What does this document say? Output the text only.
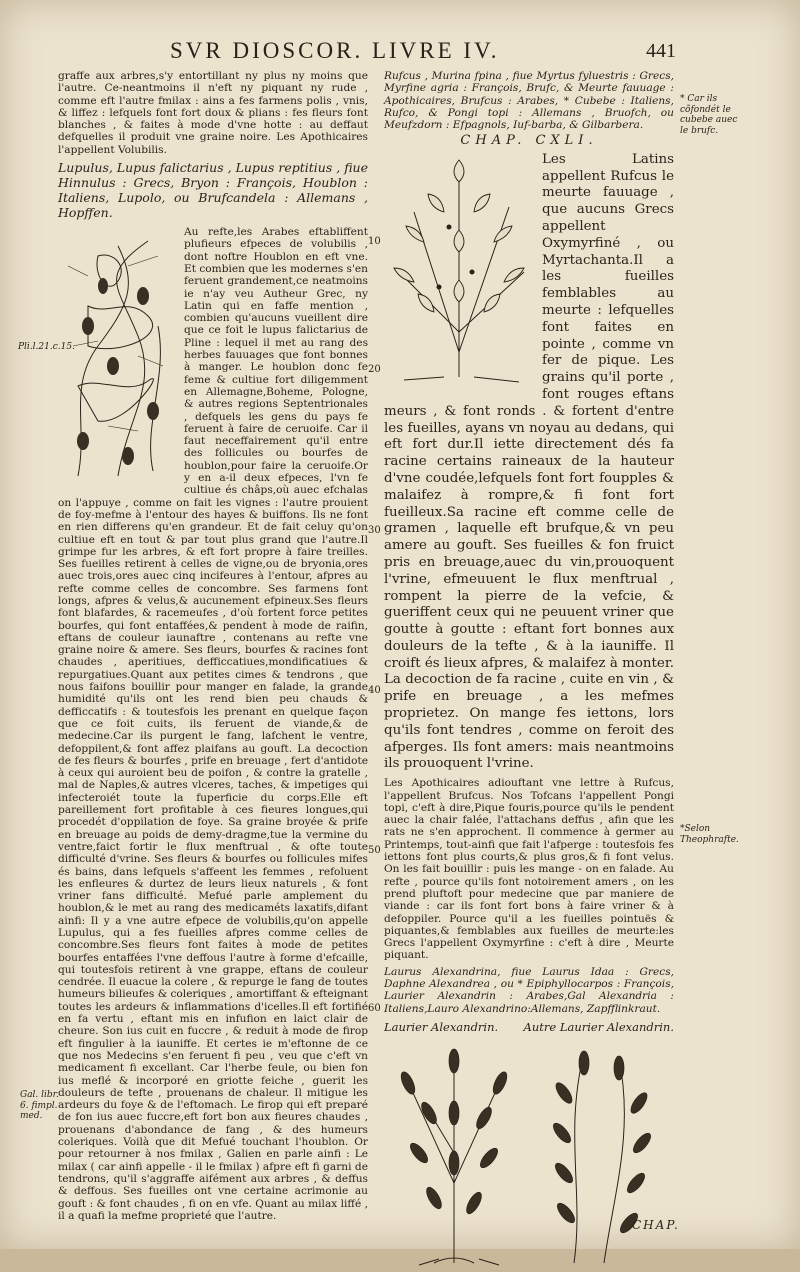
SVR DIOSCOR. LIVRE IV.	441

graffe aux arbres,s'y entortillant ny plus ny moins que l'autre. Ce-neantmoins il n'eft ny piquant ny rude , comme eft l'autre fmilax : ains a fes farmens polis , vnis, & liffez : lefquels font fort doux & plians : fes fleurs font blanches , & faites à mode d'vne hotte : au deffaut defquelles il produit vne graine noire. Les Apothicaires l'appellent Volubilis.

Lupulus, Lupus falictarius , Lupus reptitius , fiue Hinnulus : Grecs, Bryon : François, Houblon : Italiens, Lupolo, ou Brufcandela : Allemans , Hopffen.

Au refte,les Arabes eftabliffent plufieurs efpeces de volubilis , dont noftre Houblon en eft vne. Et combien que les modernes s'en feruent grandement,ce neatmoins ie n'ay veu Autheur Grec, ny Latin qui en faffe mention , combien qu'aucuns vueillent dire que ce foit le lupus falictarius de Pline : lequel il met au rang des herbes fauuages que font bonnes à manger. Le houblon donc fe feme & cultiue fort diligemment en Allemagne,Boheme, Pologne, & autres regions Septentrionales , defquels les gens du pays fe feruent à faire de ceruoife. Car il faut neceffairement qu'il entre des follicules ou bourfes de houblon,pour faire la ceruoife.Or y en a-il deux efpeces, l'vn fe cultiue és châps,où auec efchalas on l'appuye , comme on fait les vignes : l'autre prouient de foy-mefme à l'entour des hayes & buiffons. Ils ne font en rien differens qu'en grandeur. Et de fait celuy qu'on cultiue eft en tout & par tout plus grand que l'autre.Il grimpe fur les arbres, & eft fort propre à faire treilles. Ses fueilles retirent à celles de vigne,ou de bryonia,ores auec trois,ores auec cinq incifeures à l'entour, afpres au refte comme celles de concombre. Ses farmens font longs, afpres & velus,& aucunement efpineux.Ses fleurs font blafardes, & racemeufes , d'où fortent force petites bourfes, qui font entaffées,& pendent à mode de raifin, eftans de couleur iaunaftre , contenans au refte vne graine noire & amere. Ses fleurs, bourfes & racines font chaudes , aperitiues, defficcatiues,mondificatiues & repurgatiues.Quant aux petites cimes & tendrons , que nous faifons bouillir pour manger en falade, la grande humidité qu'ils ont les rend bien peu chauds & defficcatifs : & toutesfois les prenant en quelque façon que ce foit cuits, ils feruent de viande,& de medecine.Car ils purgent le fang, lafchent le ventre, defoppilent,& font affez plaifans au gouft. La decoction de fes fleurs & bourfes , prife en breuage , fert d'antidote à ceux qui auroient beu de poifon , & contre la gratelle , mal de Naples,& autres vlceres, taches, & impetiges qui infecteroiét toute la fuperficie du corps.Elle eft pareillement fort profitable à ces fieures longues,qui procedét d'oppilation de foye. Sa graine broyée & prife en breuage au poids de demy-dragme,tue la vermine du ventre,faict fortir le flux menftrual , & ofte toute difficulté d'vrine. Ses fleurs & bourfes ou follicules mifes és bains, dans lefquels s'affeent les femmes , refoluent les enfleures & durtez de leurs lieux naturels , & font vriner fans difficulté. Mefué parle amplement du houblon,& le met au rang des medicaméts laxatifs,difant ainfi: Il y a vne autre efpece de volubilis,qu'on appelle Lupulus, qui a fes fueilles afpres comme celles de concombre.Ses fleurs font faites à mode de petites bourfes entaffées l'vne deffous l'autre à forme d'efcaille, qui toutesfois retirent à vne grappe, eftans de couleur cendrée. Il euacue la colere , & repurge le fang de toutes humeurs bilieufes & coleriques , amortiffant & efteignant toutes les ardeurs & inflammations d'icelles.Il eft fortifié en fa vertu , eftant mis en infufion en laict clair de cheure. Son ius cuit en fuccre , & reduit à mode de firop eft fingulier à la iauniffe. Et certes ie m'eftonne de ce que nos Medecins s'en feruent fi peu , veu que c'eft vn medicament fi excellant. Car l'herbe feule, ou bien fon ius meflé & incorporé en griotte feiche , guerit les douleurs de tefte , prouenans de chaleur. Il mitigue les ardeurs du foye & de l'eftomach. Le firop qui eft preparé de fon ius auec fuccre,eft fort bon aux fieures chaudes , prouenans d'abondance de fang , & des humeurs coleriques. Voilà que dit Mefué touchant l'houblon. Or pour retourner à nos fmilax , Galien en parle ainfi : Le milax ( car ainfi appelle - il le fmilax ) afpre eft fi garni de tendrons, qu'il s'aggraffe aifément aux arbres , & deffus & deffous. Ses fueilles ont vne certaine acrimonie au gouft : & font chaudes , fi on en vfe. Quant au milax liffé , il a quafi la mefme proprieté que l'autre.

Rufcus , Murina fpina , fiue Myrtus fyluestris : Grecs, Myrfine agria : François, Brufc, & Meurte fauuage : Apothicaires, Brufcus : Arabes, * Cubebe : Italiens, Rufco, & Pongi topi : Allemans , Bruofch, ou Meufzdorn : Efpagnols, Iuf-barba, & Gilbarbera.

CHAP. CXLI.

Les Latins appellent Rufcus le meurte fauuage , que aucuns Grecs appellent Oxymyrfiné , ou Myrtachanta.Il a les fueilles femblables au meurte : lefquelles font faites en pointe , comme vn fer de pique. Les grains qu'il porte , font rouges eftans meurs , & font ronds . & fortent d'entre les fueilles, ayans vn noyau au dedans, qui eft fort dur.Il iette directement dés fa racine certains raineaux de la hauteur d'vne coudée,lefquels font fort foupples & malaifez à rompre,& fi font fort fueilleux.Sa racine eft comme celle de gramen , laquelle eft brufque,& vn peu amere au gouft. Ses fueilles & fon fruict pris en breuage,auec du vin,prouoquent l'vrine, efmeuuent le flux menftrual , rompent la pierre de la vefcie, & gueriffent ceux qui ne peuuent vriner que goutte à goutte : eftant fort bonnes aux douleurs de la tefte , & à la iauniffe. Il croift és lieux afpres, & malaifez à monter. La decoction de fa racine , cuite en vin , & prife en breuage , a les mefmes proprietez. On mange fes iettons, lors qu'ils font tendres , comme on feroit des afperges. Ils font amers: mais neantmoins ils prouoquent l'vrine.

Les Apothicaires adiouftant vne lettre à Rufcus, l'appellent Brufcus. Nos Tofcans l'appellent Pongi topi, c'eft à dire,Pique fouris,pource qu'ils le pendent auec la chair falée, l'attachans deffus , afin que les rats ne s'en approchent. Il commence à germer au Printemps, tout-ainfi que fait l'afperge : toutesfois fes iettons font plus courts,& plus gros,& fi font velus. On les fait bouillir : puis les mange - on en falade. Au refte , pource qu'ils font notoirement amers , on les prend pluftoft pour medecine que par maniere de viande : car ils font fort bons à faire vriner & à defoppiler. Pource qu'il a les fueilles pointuës & piquantes,& femblables aux fueilles de meurte:les Grecs l'appellent Oxymyrfine : c'eft à dire , Meurte piquant.

Laurus Alexandrina, fiue Laurus Idaa : Grecs, Daphne Alexandrea , ou * Epiphyllocarpos : François, Laurier Alexandrin : Arabes,Gal Alexandria : Italiens,Lauro Alexandrino:Allemans, Zapfflinkraut.

Laurier Alexandrin.	Autre Laurier Alexandrin.
Pli.l.21.c.15.
* Car ils cõfondét le cubebe auec le brufc.
*Selon Theophrafte.
Gal. libr. 6. fimpl. med.
10
20
30
40
50
60
CHAP.
